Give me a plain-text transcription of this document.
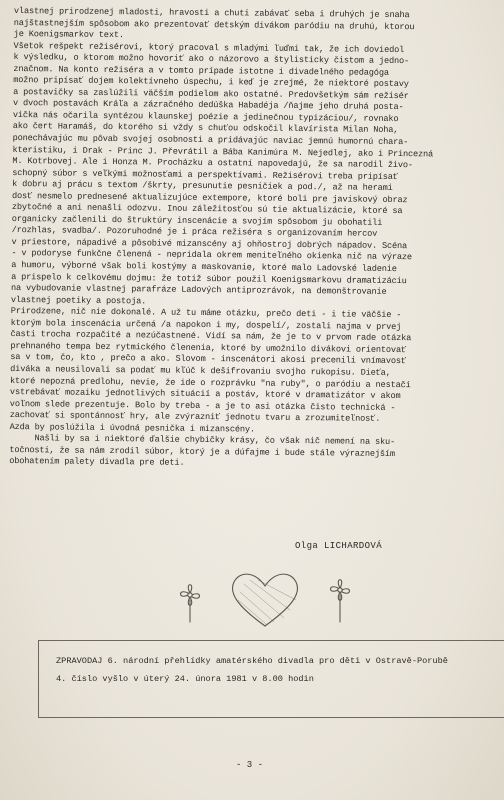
vlastnej prirodzenej mladosti, hravosti a chuti zabávať seba i druhých je snaha
najštastnejším spôsobom ako prezentovať detským divákom paródiu na druhú, ktorou
je Koenigsmarkov text.
Všetok rešpekt režisérovi, ktorý pracoval s mladými ľuďmi tak, že ich doviedol
k výsledku, o ktorom možno hovoriť ako o názorovo a štylisticky čistom a jedno-
značnom. Na konto režiséra a v tomto prípade istotne i divadelného pedagóga
možno pripísať dojem kolektívneho úspechu, i keď je zrejmé, že niektoré postavy
a postavičky sa zaslúžili väčším podielom ako ostatné. Predovšetkým sám režisér
v dvoch postavách Kráľa a zázračného dedúška Habadéja /ňajme jeho druhá posta-
vička nás očarila syntézou klaunskej poézie a jedinečnou typizáciou/, rovnako
ako čert Haramáš, do ktorého si vždy s chuťou odskočil klavírista Milan Noha,
ponechávajúc mu pôvab svojej osobnosti a pridávajúc naviac jemnú humornú chara-
kteristiku, i Drak - Princ J. Převrátil a Bába Kanimúra M. Nejedlej, ako i Princezná
M. Kotrbovej. Ale i Honza M. Procházku a ostatní napovedajú, že sa narodil živo-
schopný súbor s veľkými možnosťami a perspektívami. Režisérovi treba pripísať
k dobru aj prácu s textom /škrty, presunutie pesničiek a pod./, až na herami
dosť nesmelo prednesené aktualizujúce extempore, ktoré boli pre javiskový obraz
zbytočné a ani nenašli odozvu. Inou záležitosťou sú tie aktualizácie, ktoré sa
organicky začlenili do štruktúry inscenácie a svojím spôsobom ju obohatili
/rozhlas, svadba/. Pozoruhodné je i práca režiséra s organizovaním hercov
v priestore, nápadivé a pôsobivé mizanscény aj ohňostroj dobrých nápadov. Scéna
- v podoryse funkčne členená - nepridala okrem meniteľného okienka nič na výraze
a humoru, výborné však boli kostýmy a maskovanie, ktoré malo Ladovské ladenie
a prispelo k celkovému dojmu: že totiž súbor použil Koenigsmarkovu dramatizáciu
na vybudovanie vlastnej parafráze Ladových antiprozrávok, na demonštrovanie
vlastnej poetiky a postoja.
Prirodzene, nič nie dokonalé. A už tu máme otázku, prečo deti - i tie väčšie -
ktorým bola inscenácia určená /a napokon i my, dospelí/, zostali najma v prvej
časti trocha rozpačité a nezúčastnené. Vidí sa nám, že je to v prvom rade otázka
prehnaného tempa bez rytmického členenia, ktoré by umožnilo divákovi orientovať
sa v tom, čo, kto , prečo a ako. Slovom - inscenátori akosi precenili vnímavosť
diváka a neusilovali sa podať mu kľúč k dešifrovaniu svojho rukopisu. Dieťa,
ktoré nepozná predlohu, nevie, že ide o rozprávku "na ruby", o paródiu a nestačí
vstrebávať mozaiku jednotlivých situácií a postáv, ktoré v dramatizátor v akom
voľnom slede prezentuje. Bolo by treba - a je to asi otázka čisto technická -
zachovať si spontánnosť hry, ale zvýrazniť jednotu tvaru a zrozumiteľnosť.
Azda by poslúžila i úvodná pesnička i mizanscény.
Našli by sa i niektoré ďalšie chybičky krásy, čo však nič nemení na sku-
točnosti, že sa nám zrodil súbor, ktorý je a dúfajme i bude stále výraznejším
obohatením palety divadla pre deti.
Olga LICHARDOVÁ
ZPRAVODAJ 6. národní přehlídky amatérského divadla pro děti v Ostravě-Porubě
4. číslo vyšlo v úterý 24. února 1981 v 8.00 hodin
- 3 -
